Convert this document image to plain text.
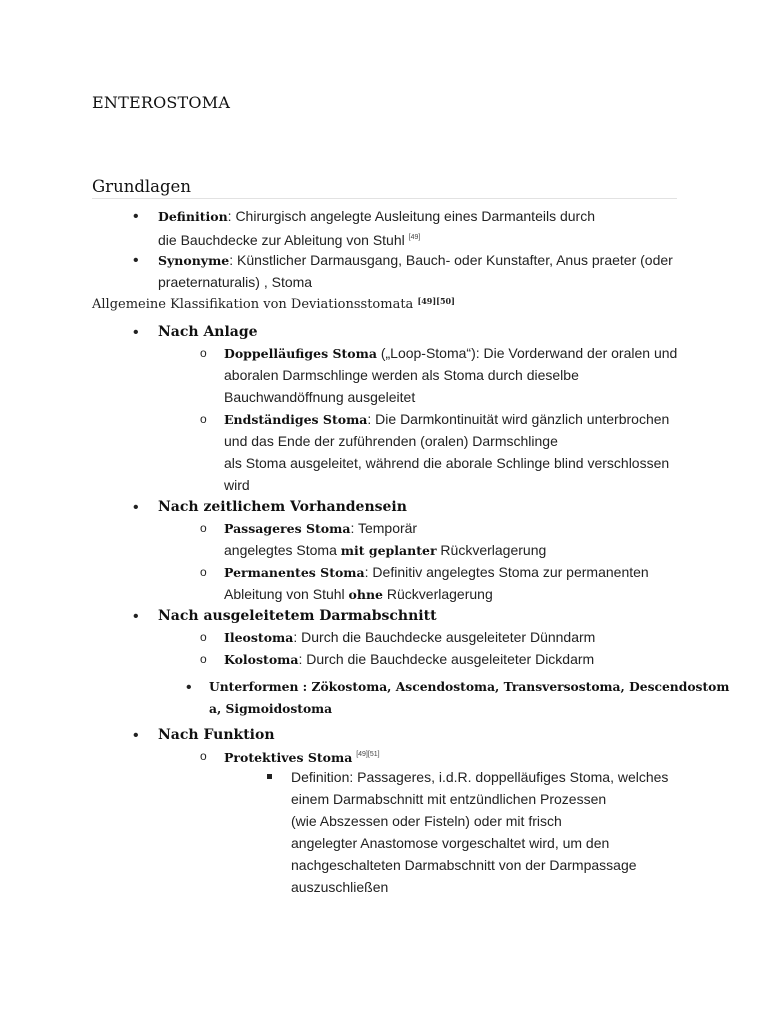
ENTEROSTOMA
Grundlagen
• Definition: Chirurgisch angelegte Ausleitung eines Darmanteils durch
die Bauchdecke zur Ableitung von Stuhl [49]
• Synonyme: Künstlicher Darmausgang, Bauch- oder Kunstafter, Anus praeter (oder
praeternaturalis) , Stoma
Allgemeine Klassifikation von Deviationsstomata [49][50]
• Nach Anlage
o Doppelläufiges Stoma („Loop-Stoma“): Die Vorderwand der oralen und
aboralen Darmschlinge werden als Stoma durch dieselbe
Bauchwandöffnung ausgeleitet
o Endständiges Stoma: Die Darmkontinuität wird gänzlich unterbrochen
und das Ende der zuführenden (oralen) Darmschlinge
als Stoma ausgeleitet, während die aborale Schlinge blind verschlossen
wird
• Nach zeitlichem Vorhandensein
o Passageres Stoma: Temporär
angelegtes Stoma mit geplanter Rückverlagerung
o Permanentes Stoma: Definitiv angelegtes Stoma zur permanenten
Ableitung von Stuhl ohne Rückverlagerung
• Nach ausgeleitetem Darmabschnitt
o Ileostoma: Durch die Bauchdecke ausgeleiteter Dünndarm
o Kolostoma: Durch die Bauchdecke ausgeleiteter Dickdarm
• Unterformen : Zökostoma, Ascendostoma, Transversostoma, Descendostom
a, Sigmoidostoma
• Nach Funktion
o Protektives Stoma [49][51]
Definition: Passageres, i.d.R. doppelläufiges Stoma, welches
einem Darmabschnitt mit entzündlichen Prozessen
(wie Abszessen oder Fisteln) oder mit frisch
angelegter Anastomose vorgeschaltet wird, um den
nachgeschalteten Darmabschnitt von der Darmpassage
auszuschließen
